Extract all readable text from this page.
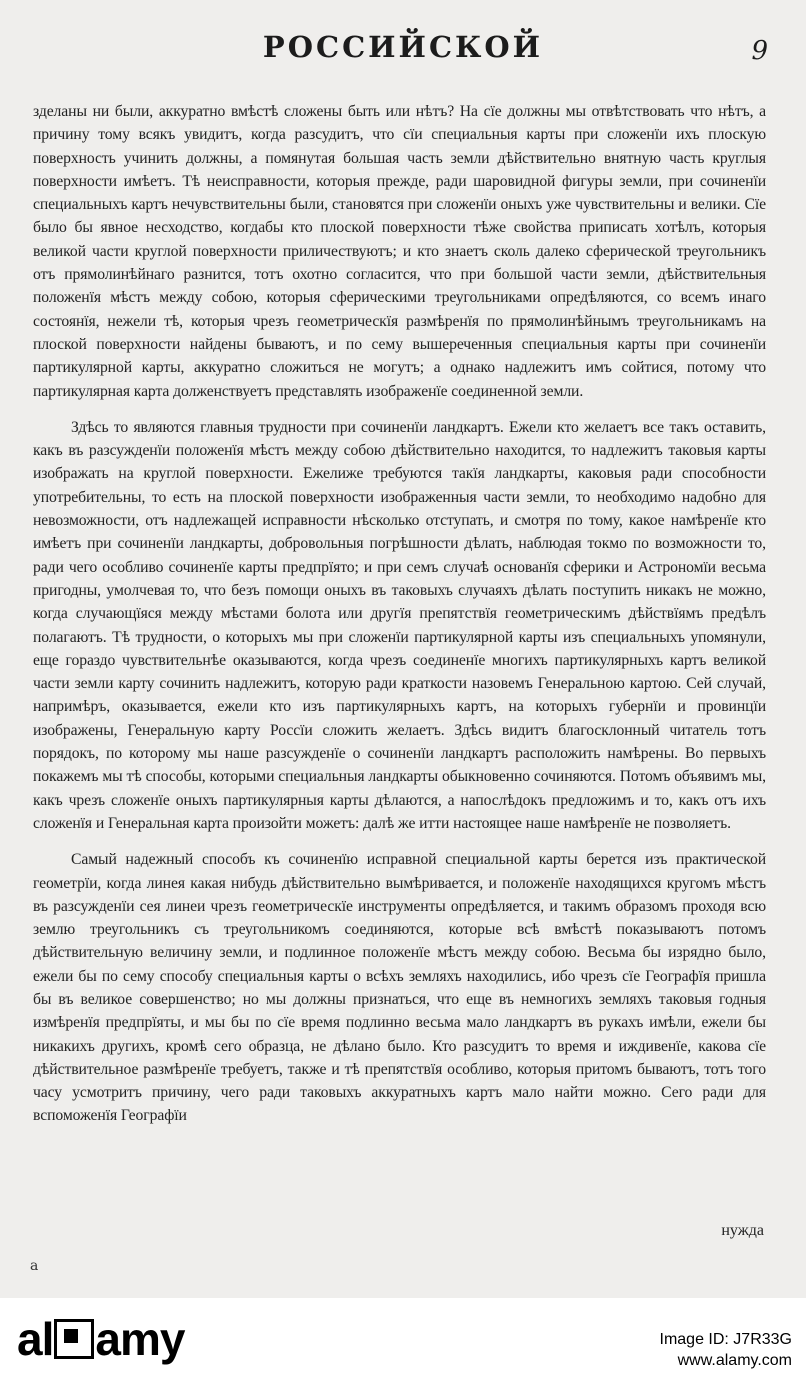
РОССИЙСКОЙ	9

зделаны ни были, аккуратно вмѣстѣ сложены быть или нѣтъ? На сїе должны мы отвѣтствовать что нѣтъ, а причину тому всякъ увидитъ, когда разсудитъ, что сїи специальныя карты при сложенїи ихъ плоскую поверхность учинить должны, а помянутая большая часть земли дѣйствительно внятную часть круглыя поверхности имѣетъ. Тѣ неисправности, которыя прежде, ради шаровидной фигуры земли, при сочиненїи специальныхъ картъ нечувствительны были, становятся при сложенїи оныхъ уже чувствительны и велики. Сїе было бы явное несходство, когдабы кто плоской поверхности тѣже свойства приписать хотѣлъ, которыя великой части круглой поверхности приличествуютъ; и кто знаетъ сколь далеко сферической треугольникъ отъ прямолинѣйнаго разнится, тотъ охотно согласится, что при большой части земли, дѣйствительныя положенїя мѣстъ между собою, которыя сферическими треугольниками опредѣляются, со всемъ инаго состоянїя, нежели тѣ, которыя чрезъ геометрическїя размѣренїя по прямолинѣйнымъ треугольникамъ на плоской поверхности найдены бываютъ, и по сему вышереченныя специальныя карты при сочиненїи партикулярной карты, аккуратно сложиться не могутъ; а однако надлежитъ имъ сойтися, потому что партикулярная карта долженствуетъ представлять изображенїе соединенной земли.

Здѣсь то являются главныя трудности при сочиненїи ландкартъ. Ежели кто желаетъ все такъ оставить, какъ въ разсужденїи положенїя мѣстъ между собою дѣйствительно находится, то надлежитъ таковыя карты изображать на круглой поверхности. Ежелиже требуются такїя ландкарты, каковыя ради способности употребительны, то есть на плоской поверхности изображенныя части земли, то необходимо надобно для невозможности, отъ надлежащей исправности нѣсколько отступать, и смотря по тому, какое намѣренїе кто имѣетъ при сочиненїи ландкарты, добровольныя погрѣшности дѣлать, наблюдая токмо по возможности то, ради чего особливо сочиненїе карты предпрїято; и при семъ случаѣ основанїя сферики и Астрономїи весьма пригодны, умолчевая то, что безъ помощи оныхъ въ таковыхъ случаяхъ дѣлать поступить никакъ не можно, когда случающїяся между мѣстами болота или другїя препятствїя геометрическимъ дѣйствїямъ предѣлъ полагаютъ. Тѣ трудности, о которыхъ мы при сложенїи партикулярной карты изъ специальныхъ упомянули, еще гораздо чувствительнѣе оказываются, когда чрезъ соединенїе многихъ партикулярныхъ картъ великой части земли карту сочинить надлежитъ, которую ради краткости назовемъ Генеральною картою. Сей случай, напримѣръ, оказывается, ежели кто изъ партикулярныхъ картъ, на которыхъ губернїи и провинцїи изображены, Генеральную карту Россїи сложить желаетъ. Здѣсь видитъ благосклонный читатель тотъ порядокъ, по которому мы наше разсужденїе о сочиненїи ландкартъ расположить намѣрены. Во первыхъ покажемъ мы тѣ способы, которыми специальныя ландкарты обыкновенно сочиняются. Потомъ объявимъ мы, какъ чрезъ сложенїе оныхъ партикулярныя карты дѣлаются, а напослѣдокъ предложимъ и то, какъ отъ ихъ сложенїя и Генеральная карта произойти можетъ: далѣ же итти настоящее наше намѣренїе не позволяетъ.

Самый надежный способъ къ сочиненїю исправной специальной карты берется изъ практической геометрїи, когда линея какая нибудь дѣйствительно вымѣривается, и положенїе находящихся кругомъ мѣстъ въ разсужденїи сея линеи чрезъ геометрическїе инструменты опредѣляется, и такимъ образомъ проходя всю землю треугольникъ съ треугольникомъ соединяются, которые всѣ вмѣстѣ показываютъ потомъ дѣйствительную величину земли, и подлинное положенїе мѣстъ между собою. Весьма бы изрядно было, ежели бы по сему способу специальныя карты о всѣхъ земляхъ находились, ибо чрезъ сїе Географїя пришла бы въ великое совершенство; но мы должны признаться, что еще въ немногихъ земляхъ таковыя годныя измѣренїя предпрїяты, и мы бы по сїе время подлинно весьма мало ландкартъ въ рукахъ имѣли, ежели бы никакихъ другихъ, кромѣ сего образца, не дѣлано было. Кто разсудитъ то время и иждивенїе, какова сїе дѣйствительное размѣренїе требуетъ, также и тѣ препятствїя особливо, которыя притомъ бываютъ, тотъ того часу усмотритъ причину, чего ради таковыхъ аккуратныхъ картъ мало найти можно. Сего ради для вспоможенїя Географїи

нужда
a
al amy	Image ID: J7R33G
www.alamy.com
